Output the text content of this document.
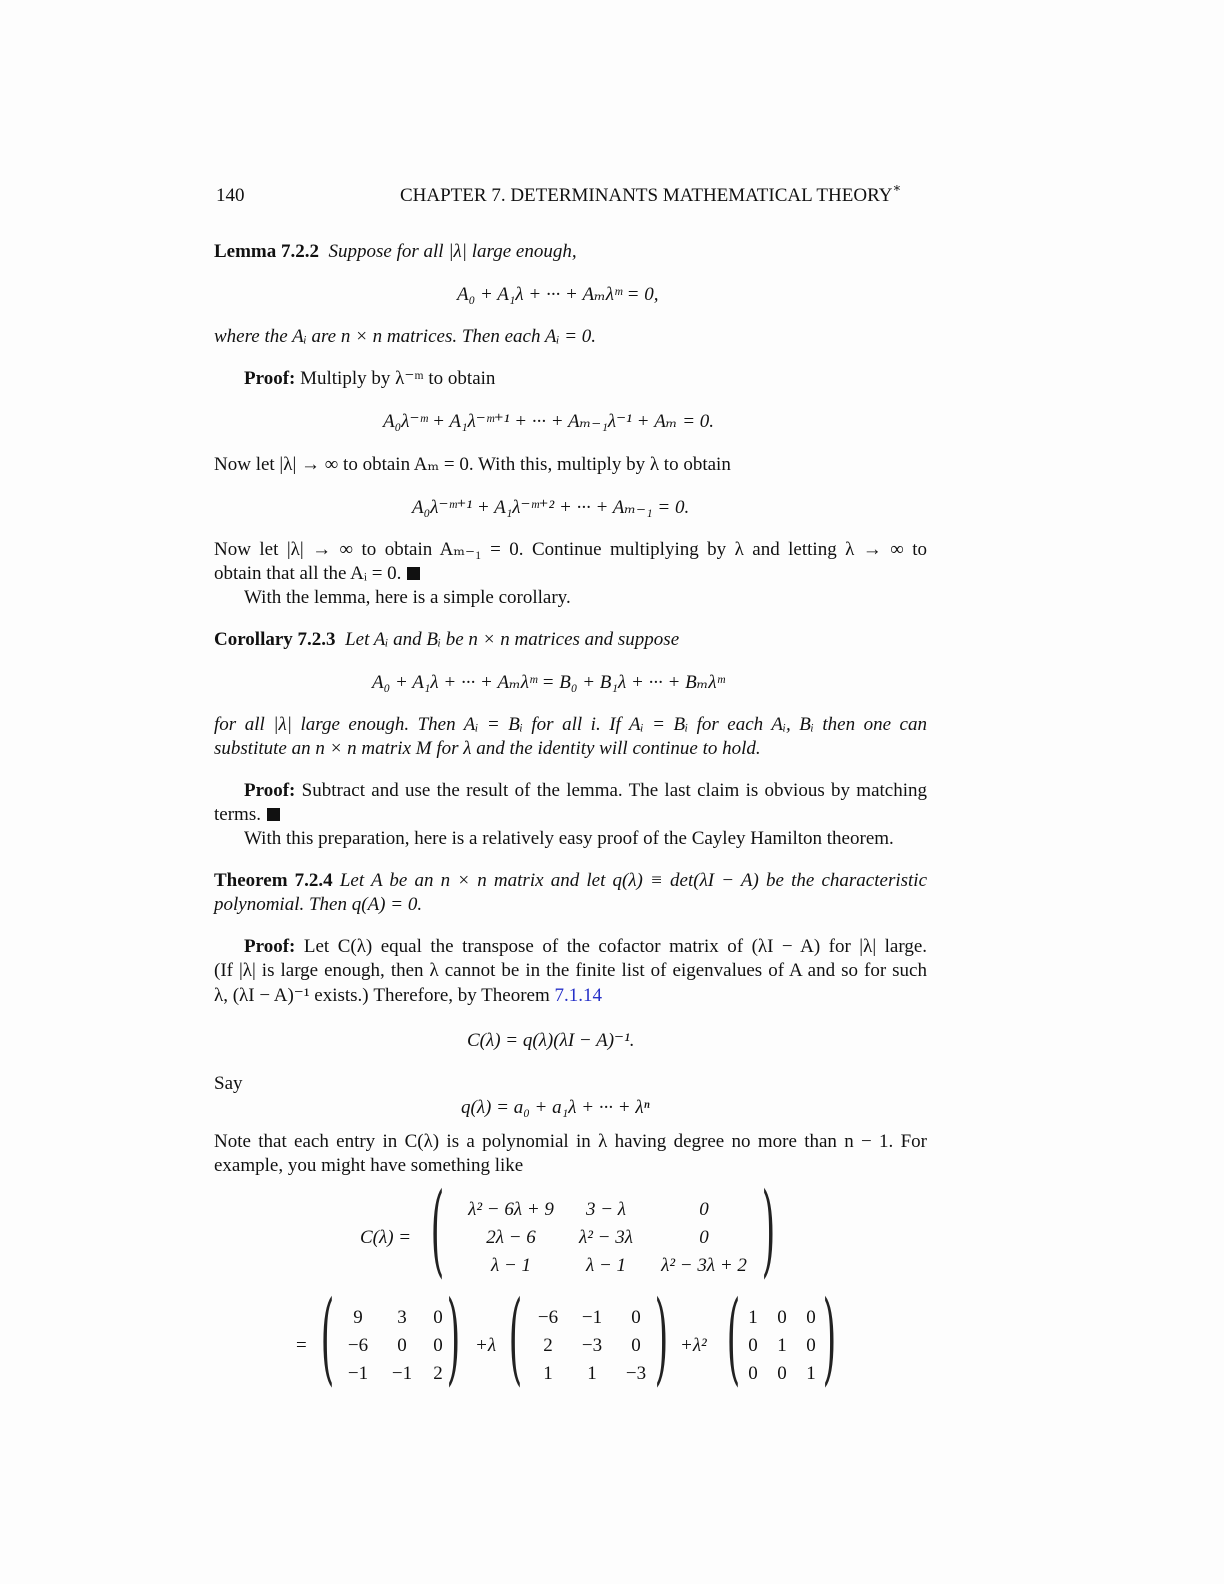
140	CHAPTER 7. DETERMINANTS MATHEMATICAL THEORY∗
Lemma 7.2.2 Suppose for all |λ| large enough,
A₀ + A₁λ + ··· + Aₘλᵐ = 0,
where the Aᵢ are n × n matrices. Then each Aᵢ = 0.
Proof: Multiply by λ⁻ᵐ to obtain
A₀λ⁻ᵐ + A₁λ⁻ᵐ⁺¹ + ··· + Aₘ₋₁λ⁻¹ + Aₘ = 0.
Now let |λ| → ∞ to obtain Aₘ = 0. With this, multiply by λ to obtain
A₀λ⁻ᵐ⁺¹ + A₁λ⁻ᵐ⁺² + ··· + Aₘ₋₁ = 0.
Now let |λ| → ∞ to obtain Aₘ₋₁ = 0. Continue multiplying by λ and letting λ → ∞ to
obtain that all the Aᵢ = 0.
With the lemma, here is a simple corollary.
Corollary 7.2.3 Let Aᵢ and Bᵢ be n × n matrices and suppose
A₀ + A₁λ + ··· + Aₘλᵐ = B₀ + B₁λ + ··· + Bₘλᵐ
for all |λ| large enough. Then Aᵢ = Bᵢ for all i. If Aᵢ = Bᵢ for each Aᵢ, Bᵢ then one can
substitute an n × n matrix M for λ and the identity will continue to hold.
Proof: Subtract and use the result of the lemma. The last claim is obvious by matching
terms.
With this preparation, here is a relatively easy proof of the Cayley Hamilton theorem.
Theorem 7.2.4 Let A be an n × n matrix and let q(λ) ≡ det(λI − A) be the characteristic
polynomial. Then q(A) = 0.
Proof: Let C(λ) equal the transpose of the cofactor matrix of (λI − A) for |λ| large.
(If |λ| is large enough, then λ cannot be in the finite list of eigenvalues of A and so for such
λ, (λI − A)⁻¹ exists.) Therefore, by Theorem 7.1.14
C(λ) = q(λ)(λI − A)⁻¹.
Say
q(λ) = a₀ + a₁λ + ··· + λⁿ
Note that each entry in C(λ) is a polynomial in λ having degree no more than n − 1. For
example, you might have something like
C(λ) = (	)
λ² − 6λ + 9	3 − λ	0
2λ − 6	λ² − 3λ	0
λ − 1	λ − 1	λ² − 3λ + 2
= ( )
9	3	0
−6	0	0
−1	−1	2
+λ ( )
−6	−1	0
2	−3	0
1	1	−3
+λ² ( )
1	0	0
0	1	0
0	0	1
